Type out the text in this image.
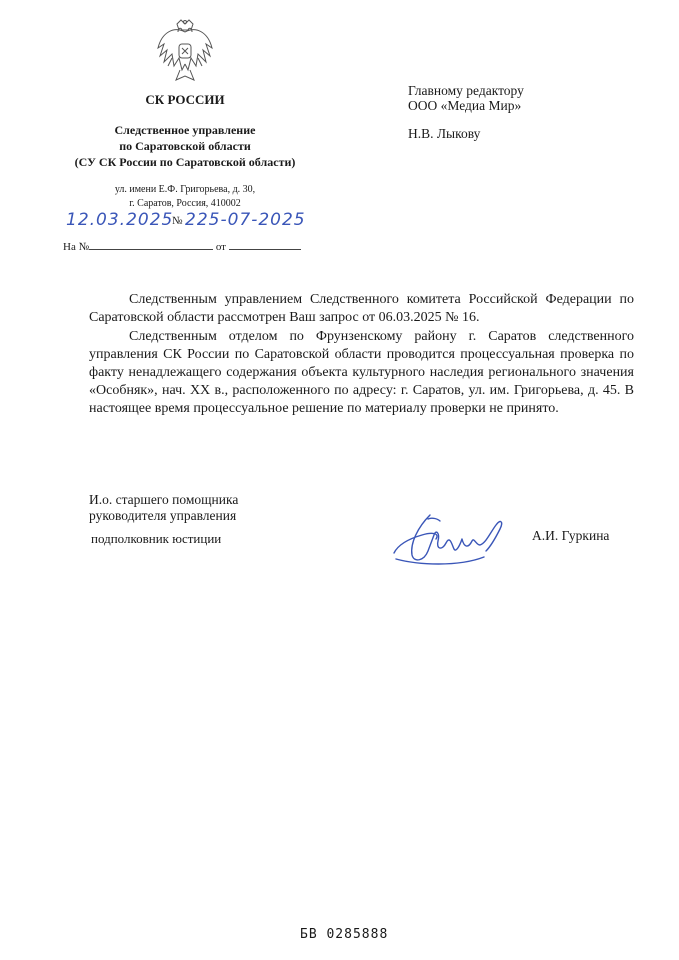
СК РОССИИ
Следственное управление
по Саратовской области
(СУ СК России по Саратовской области)
ул. имени Е.Ф. Григорьева, д. 30,
г. Саратов, Россия, 410002
12.03.2025
№ 225-07-2025
На №	от
Главному редактору
ООО «Медиа Мир»
Н.В. Лыкову

Следственным управлением Следственного комитета Российской Федерации по Саратовской области рассмотрен Ваш запрос от 06.03.2025 № 16.

Следственным отделом по Фрунзенскому району г. Саратов следственного управления СК России по Саратовской области проводится процессуальная проверка по факту ненадлежащего содержания объекта культурного наследия регионального значения «Особняк», нач. XX в., расположенного по адресу: г. Саратов, ул. им. Григорьева, д. 45. В настоящее время процессуальное решение по материалу проверки не принято.

И.о. старшего помощника
руководителя управления
подполковник юстиции	А.И. Гуркина
БВ 0285888
